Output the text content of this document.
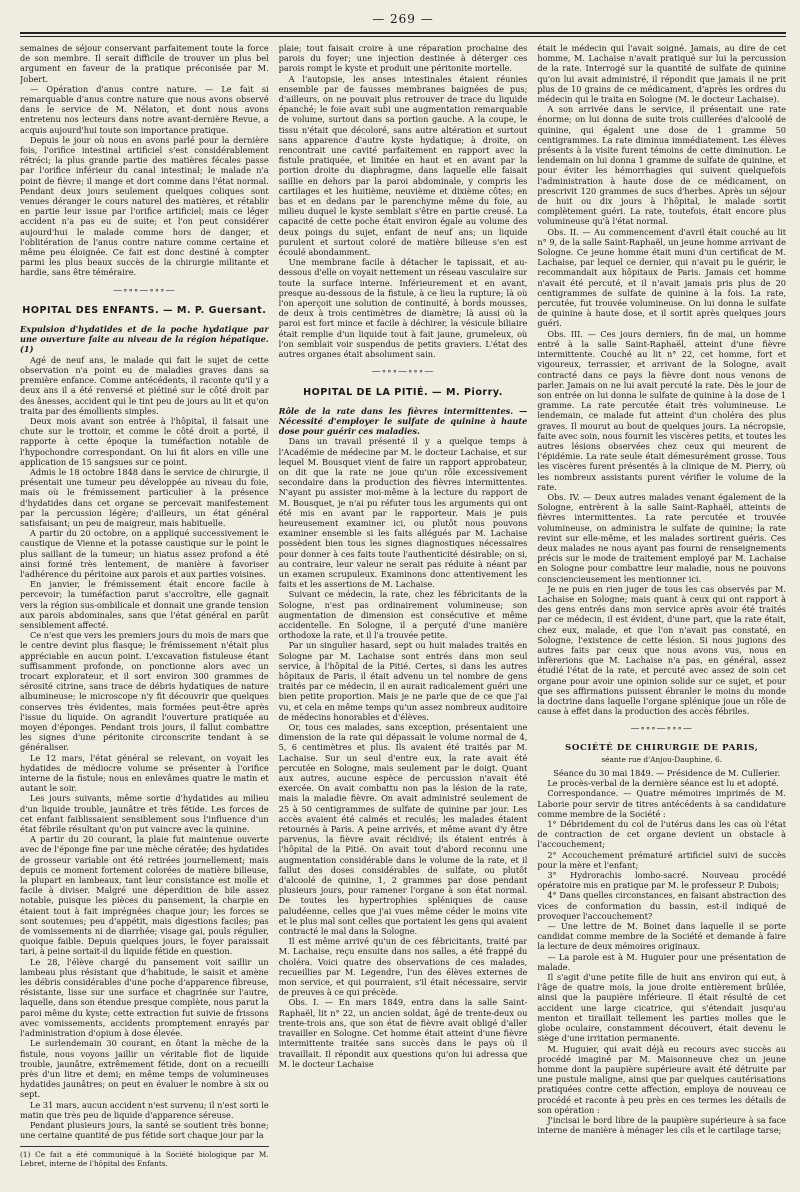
— 269 —

semaines de séjour conservant parfaitement toute la force de son membre. Il serait difficile de trouver un plus bel argument en faveur de la pratique préconisée par M. Jobert.

— Opération d'anus contre nature. — Le fait si remarquable d'anus contre nature que nous avons observé dans le service de M. Nélaton, et dont nous avons entretenu nos lecteurs dans notre avant-dernière Revue, a acquis aujourd'hui toute son importance pratique.

Depuis le jour où nous en avons parlé pour la dernière fois, l'orifice intestinal artificiel s'est considérablement rétréci; la plus grande partie des matières fécales passe par l'orifice inférieur du canal intestinal; le malade n'a point de fièvre; il mange et dort comme dans l'état normal. Pendant deux jours seulement quelques coliques sont venues déranger le cours naturel des matières, et rétablir en partie leur issue par l'orifice artificiel; mais ce léger accident n'a pas eu de suite; et l'on peut considérer aujourd'hui le malade comme hors de danger, et l'oblitération de l'anus contre nature comme certaine et même peu éloignée. Ce fait est donc destiné à compter parmi les plus beaux succès de la chirurgie militante et hardie, sans être téméraire.

—∘∘∘—∘∘∘—
HOPITAL DES ENFANTS. — M. P. Guersant.

Expulsion d'hydatides et de la poche hydatique par une ouverture faite au niveau de la région hépatique. (1)

Agé de neuf ans, le malade qui fait le sujet de cette observation n'a point eu de maladies graves dans sa première enfance. Comme antécédents, il raconte qu'il y a deux ans il a été renversé et piétiné sur le côté droit par des ânesses, accident qui le tint peu de jours au lit et qu'on traita par des émollients simples.

Deux mois avant son entrée à l'hôpital, il faisait une chute sur le trottoir, et comme le côté droit a porté, il rapporte à cette époque la tuméfaction notable de l'hypochondre correspondant. On lui fit alors en ville une application de 15 sangsues sur ce point.

Admis le 18 octobre 1848 dans le service de chirurgie, il présentait une tumeur peu développée au niveau du foie, mais où le frémissement particulier à la présence d'hydatides dans cet organe se percevait manifestement par la percussion légère; d'ailleurs, un état général satisfaisant; un peu de maigreur, mais habituelle.

A partir du 20 octobre, on a appliqué successivement le caustique de Vienne et la potasse caustique sur le point le plus saillant de la tumeur; un hiatus assez profond a été ainsi formé très lentement, de manière à favoriser l'adhérence du péritoine aux parois et aux parties voisines.

En janvier, le frémissement était encore facile à percevoir; la tuméfaction parut s'accroître, elle gagnait vers la région sus-ombilicale et donnait une grande tension aux parois abdominales, sans que l'état général en parût sensiblement affecté.

Ce n'est que vers les premiers jours du mois de mars que le centre devint plus flasque; le frémissement n'était plus appréciable en aucun point. L'excavation fistuleuse étant suffisamment profonde, on ponctionne alors avec un trocart explorateur, et il sort environ 300 grammes de sérosité citrine, sans trace de débris hydatiques de nature albumineuse; le microscope n'y fit découvrir que quelques conserves très évidentes, mais formées peut-être après l'issue du liquide. On agrandit l'ouverture pratiquée au moyen d'éponges. Pendant trois jours, il fallut combattre les signes d'une péritonite circonscrite tendant à se généraliser.

Le 12 mars, l'état général se relevant, on voyait les hydatides de médiocre volume se présenter à l'orifice interne de la fistule; nous en enlevâmes quatre le matin et autant le soir.

Les jours suivants, même sortie d'hydatides au milieu d'un liquide trouble, jaunâtre et très fétide. Les forces de cet enfant faiblissaient sensiblement sous l'influence d'un état fébrile résultant qu'on put vaincre avec la quinine.

A partir du 20 courant, la plaie fut maintenue ouverte avec de l'éponge fine par une mèche cératée; des hydatides de grosseur variable ont été retirées journellement; mais depuis ce moment fortement colorées de matière bilieuse, la plupart en lambeaux, tant leur consistance est molle et facile à diviser. Malgré une déperdition de bile assez notable, puisque les pièces du pansement, la charpie en étaient tout à fait imprégnées chaque jour; les forces se sont soutenues; peu d'appétit, mais digestions faciles; pas de vomissements ni de diarrhée; visage gai, pouls régulier, quoique faible. Depuis quelques jours, le foyer paraissait tari, à peine sortait-il du liquide fétide en question.

Le 28, l'élève chargé du pansement voit saillir un lambeau plus résistant que d'habitude, le saisit et amène les débris considérables d'une poche d'apparence fibreuse, résistante, lisse sur une surface et chagrinée sur l'autre, laquelle, dans son étendue presque complète, nous parut la paroi même du kyste; cette extraction fut suivie de frissons avec vomissements, accidents promptement enrayés par l'administration d'opium à dose élevée.

Le surlendemain 30 courant, en ôtant la mèche de la fistule, nous voyons jaillir un véritable flot de liquide trouble, jaunâtre, extrêmement fétide, dont on a recueilli près d'un litre et demi; en même temps de volumineuses hydatides jaunâtres; on peut en évaluer le nombre à six ou sept.

Le 31 mars, aucun accident n'est survenu; il n'est sorti le matin que très peu de liquide d'apparence séreuse.

Pendant plusieurs jours, la santé se soutient très bonne; une certaine quantité de pus fétide sort chaque jour par la

(1) Ce fait a été communiqué à la Société biologique par M. Lebret, interne de l'hôpital des Enfants.

plaie; tout faisait croire à une réparation prochaine des parois du foyer; une injection destinée à déterger ces parois rompt le kyste et produit une péritonite mortelle.

A l'autopsie, les anses intestinales étaient réunies ensemble par de fausses membranes baignées de pus; d'ailleurs, on ne pouvait plus retrouver de trace du liquide épanché; le foie avait subi une augmentation remarquable de volume, surtout dans sa portion gauche. A la coupe, le tissu n'était que décoloré, sans autre altération et surtout sans apparence d'autre kyste hydatique; à droite, on rencontrait une cavité parfaitement en rapport avec la fistule pratiquée, et limitée en haut et en avant par la portion droite du diaphragme, dans laquelle elle faisait saillie en dehors par la paroi abdominale, y compris les cartilages et les huitième, neuvième et dixième côtes; en bas et en dedans par le parenchyme même du foie, au milieu duquel le kyste semblait s'être en partie creusé. La capacité de cette poche était environ égale au volume des deux poings du sujet, enfant de neuf ans; un liquide purulent et surtout coloré de matière bilieuse s'en est écoulé abondamment.

Une membrane facile à détacher le tapissait, et au-dessous d'elle on voyait nettement un réseau vasculaire sur toute la surface interne. Inférieurement et en avant, presque au-dessous de la fistule, à ce lieu la rupture; là où l'on aperçoit une solution de continuité, à bords mousses, de deux à trois centimètres de diamètre; là aussi où la paroi est fort mince et facile à déchirer, la vésicule biliaire était remplie d'un liquide tout à fait jaune, grumeleux, où l'on semblait voir suspendus de petits graviers. L'état des autres organes était absolument sain.

—∘∘∘—∘∘∘—
HOPITAL DE LA PITIÉ. — M. Piorry.

Rôle de la rate dans les fièvres intermittentes. — Nécessité d'employer le sulfate de quinine à haute dose pour guérir ces maladies.

Dans un travail présenté il y a quelque temps à l'Académie de médecine par M. le docteur Lachaise, et sur lequel M. Bousquet vient de faire un rapport approbateur, on dit que la rate ne joue qu'un rôle excessivement secondaire dans la production des fièvres intermittentes. N'ayant pu assister moi-même à la lecture du rapport de M. Bousquet, je n'ai pu réfuter tous les arguments qui ont été mis en avant par le rapporteur. Mais je puis heureusement examiner ici, ou plutôt nous pouvons examiner ensemble si les faits allégués par M. Lachaise possèdent bien tous les signes diagnostiques nécessaires pour donner à ces faits toute l'authenticité désirable; on si, au contraire, leur valeur ne serait pas réduite à néant par un examen scrupuleux. Examinons donc attentivement les faits et les assertions de M. Lachaise.

Suivant ce médecin, la rate, chez les fébricitants de la Sologne, n'est pas ordinairement volumineuse; son augmentation de dimension est consécutive et même accidentelle. En Sologne, il a perçuté d'une manière orthodoxe la rate, et il l'a trouvée petite.

Par un singulier hasard, sept ou huit malades traités en Sologne par M. Lachaise sont entrés dans mon seul service, à l'hôpital de la Pitié. Certes, si dans les autres hôpitaux de Paris, il était advenu un tel nombre de gens traités par ce médecin, il en aurait radicalement guéri une bien petite proportion. Mais je ne parle que de ce que j'ai vu, et cela en même temps qu'un assez nombreux auditoire de médecins honorables et d'élèves.

Or, tous ces malades, sans exception, présentaient une dimension de la rate qui dépassait le volume normal de 4, 5, 6 centimètres et plus. Ils avaient été traités par M. Lachaise. Sur un seul d'entre eux, la rate avait été percutée en Sologne, mais seulement par le doigt. Quant aux autres, aucune espèce de percussion n'avait été exercée. On avait combattu non pas la lésion de la rate, mais la maladie fièvre. On avait administré seulement de 25 à 50 centigrammes de sulfate de quinine par jour. Les accès avaient été calmés et reculés; les malades étaient retournés à Paris. A peine arrivés, et même avant d'y être parvenus, la fièvre avait récidivé; ils étaient entrés à l'hôpital de la Pitié. On avait tout d'abord reconnu une augmentation considérable dans le volume de la rate, et il fallut des doses considérables de sulfate, ou plutôt d'alcoolé de quinine, 1, 2 grammes par dose pendant plusieurs jours, pour ramener l'organe à son état normal. De toutes les hypertrophies spléniques de cause paludéenne, celles que j'ai vues même céder le moins vite et le plus mal sont celles que portaient les gens qui avaient contracté le mal dans la Sologne.

Il est même arrivé qu'un de ces fébricitants, traité par M. Lachaise, reçu ensuite dans nos salles, a été frappé du choléra. Voici quatre des observations de ces malades, recueillies par M. Legendre, l'un des élèves externes de mon service, et qui pourraient, s'il était nécessaire, servir de preuves à ce qui précède.

Obs. I. — En mars 1849, entra dans la salle Saint-Raphaël, lit n° 22, un ancien soldat, âgé de trente-deux ou trente-trois ans, que son état de fièvre avait obligé d'aller travailler en Sologne. Cet homme était atteint d'une fièvre intermittente traitée sans succès dans le pays où il travaillait. Il répondit aux questions qu'on lui adressa que M. le docteur Lachaise

était le médecin qui l'avait soigné. Jamais, au dire de cet homme, M. Lachaise n'avait pratiqué sur lui la percussion de la rate. Interrogé sur la quantité de sulfate de quinine qu'on lui avait administré, il répondit que jamais il ne prit plus de 10 grains de ce médicament, d'après les ordres du médecin qui le traita en Sologne (M. le docteur Lachaise).

A son arrivée dans le service, il présentait une rate énorme; on lui donna de suite trois cuillerées d'alcoolé de quinine, qui égalent une dose de 1 gramme 50 centigrammes. La rate diminua immédiatement. Les élèves présents à la visite furent témoins de cette diminution. Le lendemain on lui donna 1 gramme de sulfate de quinine, et pour éviter les hémorrhagies qui suivent quelquefois l'administration à haute dose de ce médicament, on prescrivit 120 grammes de sucs d'herbes. Après un séjour de huit ou dix jours à l'hôpital, le malade sortit complètement guéri. La rate, toutefois, était encore plus volumineuse qu'à l'état normal.

Obs. II. — Au commencement d'avril était couché au lit n° 9, de la salle Saint-Raphaël, un jeune homme arrivant de Sologne. Ce jeune homme était muni d'un certificat de M. Lachaise, par lequel ce dernier, qui n'avait pu le guérir, le recommandait aux hôpitaux de Paris. Jamais cet homme n'avait été percuté, et il n'avait jamais pris plus de 20 centigrammes de sulfate de quinine à la fois. La rate, percutée, fut trouvée volumineuse. On lui donna le sulfate de quinine à haute dose, et il sortit après quelques jours guéri.

Obs. III. — Ces jours derniers, fin de mai, un homme entré à la salle Saint-Raphaël, atteint d'une fièvre intermittente. Couché au lit n° 22, cet homme, fort et vigoureux, terrassier, et arrivant de la Sologne, avait contracté dans ce pays la fièvre dont nous venons de parler. Jamais on ne lui avait percuté la rate. Dès le jour de son entrée on lui donna le sulfate de quinine à la dose de 1 gramme. La rate percutée était très volumineuse. Le lendemain, ce malade fut atteint d'un choléra des plus graves. Il mourut au bout de quelques jours. La nécropsie, faite avec soin, nous fournit les viscères petits, et toutes les autres lésions observées chez ceux qui meurent de l'épidémie. La rate seule était démesurément grosse. Tous les viscères furent présentés à la clinique de M. Pierry, où les nombreux assistants purent vérifier le volume de la rate.

Obs. IV. — Deux autres malades venant également de la Sologne, entrèrent à la salle Saint-Raphaël, atteints de fièvres intermittentes. La rate percutée et trouvée volumineuse, on administra le sulfate de quinine; la rate revint sur elle-même, et les malades sortirent guéris. Ces deux malades ne nous ayant pas fourni de renseignements précis sur le mode de traitement employé par M. Lachaise en Sologne pour combattre leur maladie, nous ne pouvons consciencieusement les mentionner ici.

Je ne puis en rien juger de tous les cas observés par M. Lachaise en Sologne; mais quant à ceux qui ont rapport à des gens entrés dans mon service après avoir été traités par ce médecin, il est évident, d'une part, que la rate était, chez eux, malade, et que l'on n'avait pas constaté, en Sologne, l'existence de cette lésion. Si nous jugions des autres faits par ceux que nous avons vus, nous en infèrerions que M. Lachaise n'a pas, en général, assez étudié l'état de la rate, et percuté avec assez de soin cet organe pour avoir une opinion solide sur ce sujet, et pour que ses affirmations puissent ébranler le moins du monde la doctrine dans laquelle l'organe splénique joue un rôle de cause à effet dans la production des accès fébriles.

—∘∘∘—∘∘∘—
SOCIÉTÉ DE CHIRURGIE DE PARIS,
séante rue d'Anjou-Dauphine, 6.

Séance du 30 mai 1849. — Présidence de M. Cullerier.

Le procès-verbal de la dernière séance est lu et adopté.

Correspondance. — Quatre mémoires imprimés de M. Laborie pour servir de titres antécédents à sa candidature comme membre de la Société :

1° Débridement du col de l'utérus dans les cas où l'état de contraction de cet organe devient un obstacle à l'accouchement;

2° Accouchement prématuré artificiel suivi de succès pour la mère et l'enfant;

3° Hydrorachis lombo-sacré. Nouveau procédé opératoire mis en pratique par M. le professeur P. Dubois;

4° Dans quelles circonstances, en faisant abstraction des vices de conformation du bassin, est-il indiqué de provoquer l'accouchement?

— Une lettre de M. Boinet dans laquelle il se porte candidat comme membre de la Société et demande à faire la lecture de deux mémoires originaux.

— La parole est à M. Huguier pour une présentation de malade.

Il s'agit d'une petite fille de huit ans environ qui eut, à l'âge de quatre mois, la joue droite entièrement brûlée, ainsi que la paupière inférieure. Il était résulté de cet accident une large cicatrice, qui s'étendait jusqu'au menton et tiraillait tellement les parties molles que le globe oculaire, constamment découvert, était devenu le siège d'une irritation permanente.

M. Huguier, qui avait déjà eu recours avec succès au procédé imaginé par M. Maisonneuve chez un jeune homme dont la paupière supérieure avait été détruite par une pustule maligne, ainsi que par quelques cautérisations pratiquées contre cette affection, employa de nouveau ce procédé et raconte à peu près en ces termes les détails de son opération :

J'incisai le bord libre de la paupière supérieure à sa face interne de manière à ménager les cils et le cartilage tarse;
